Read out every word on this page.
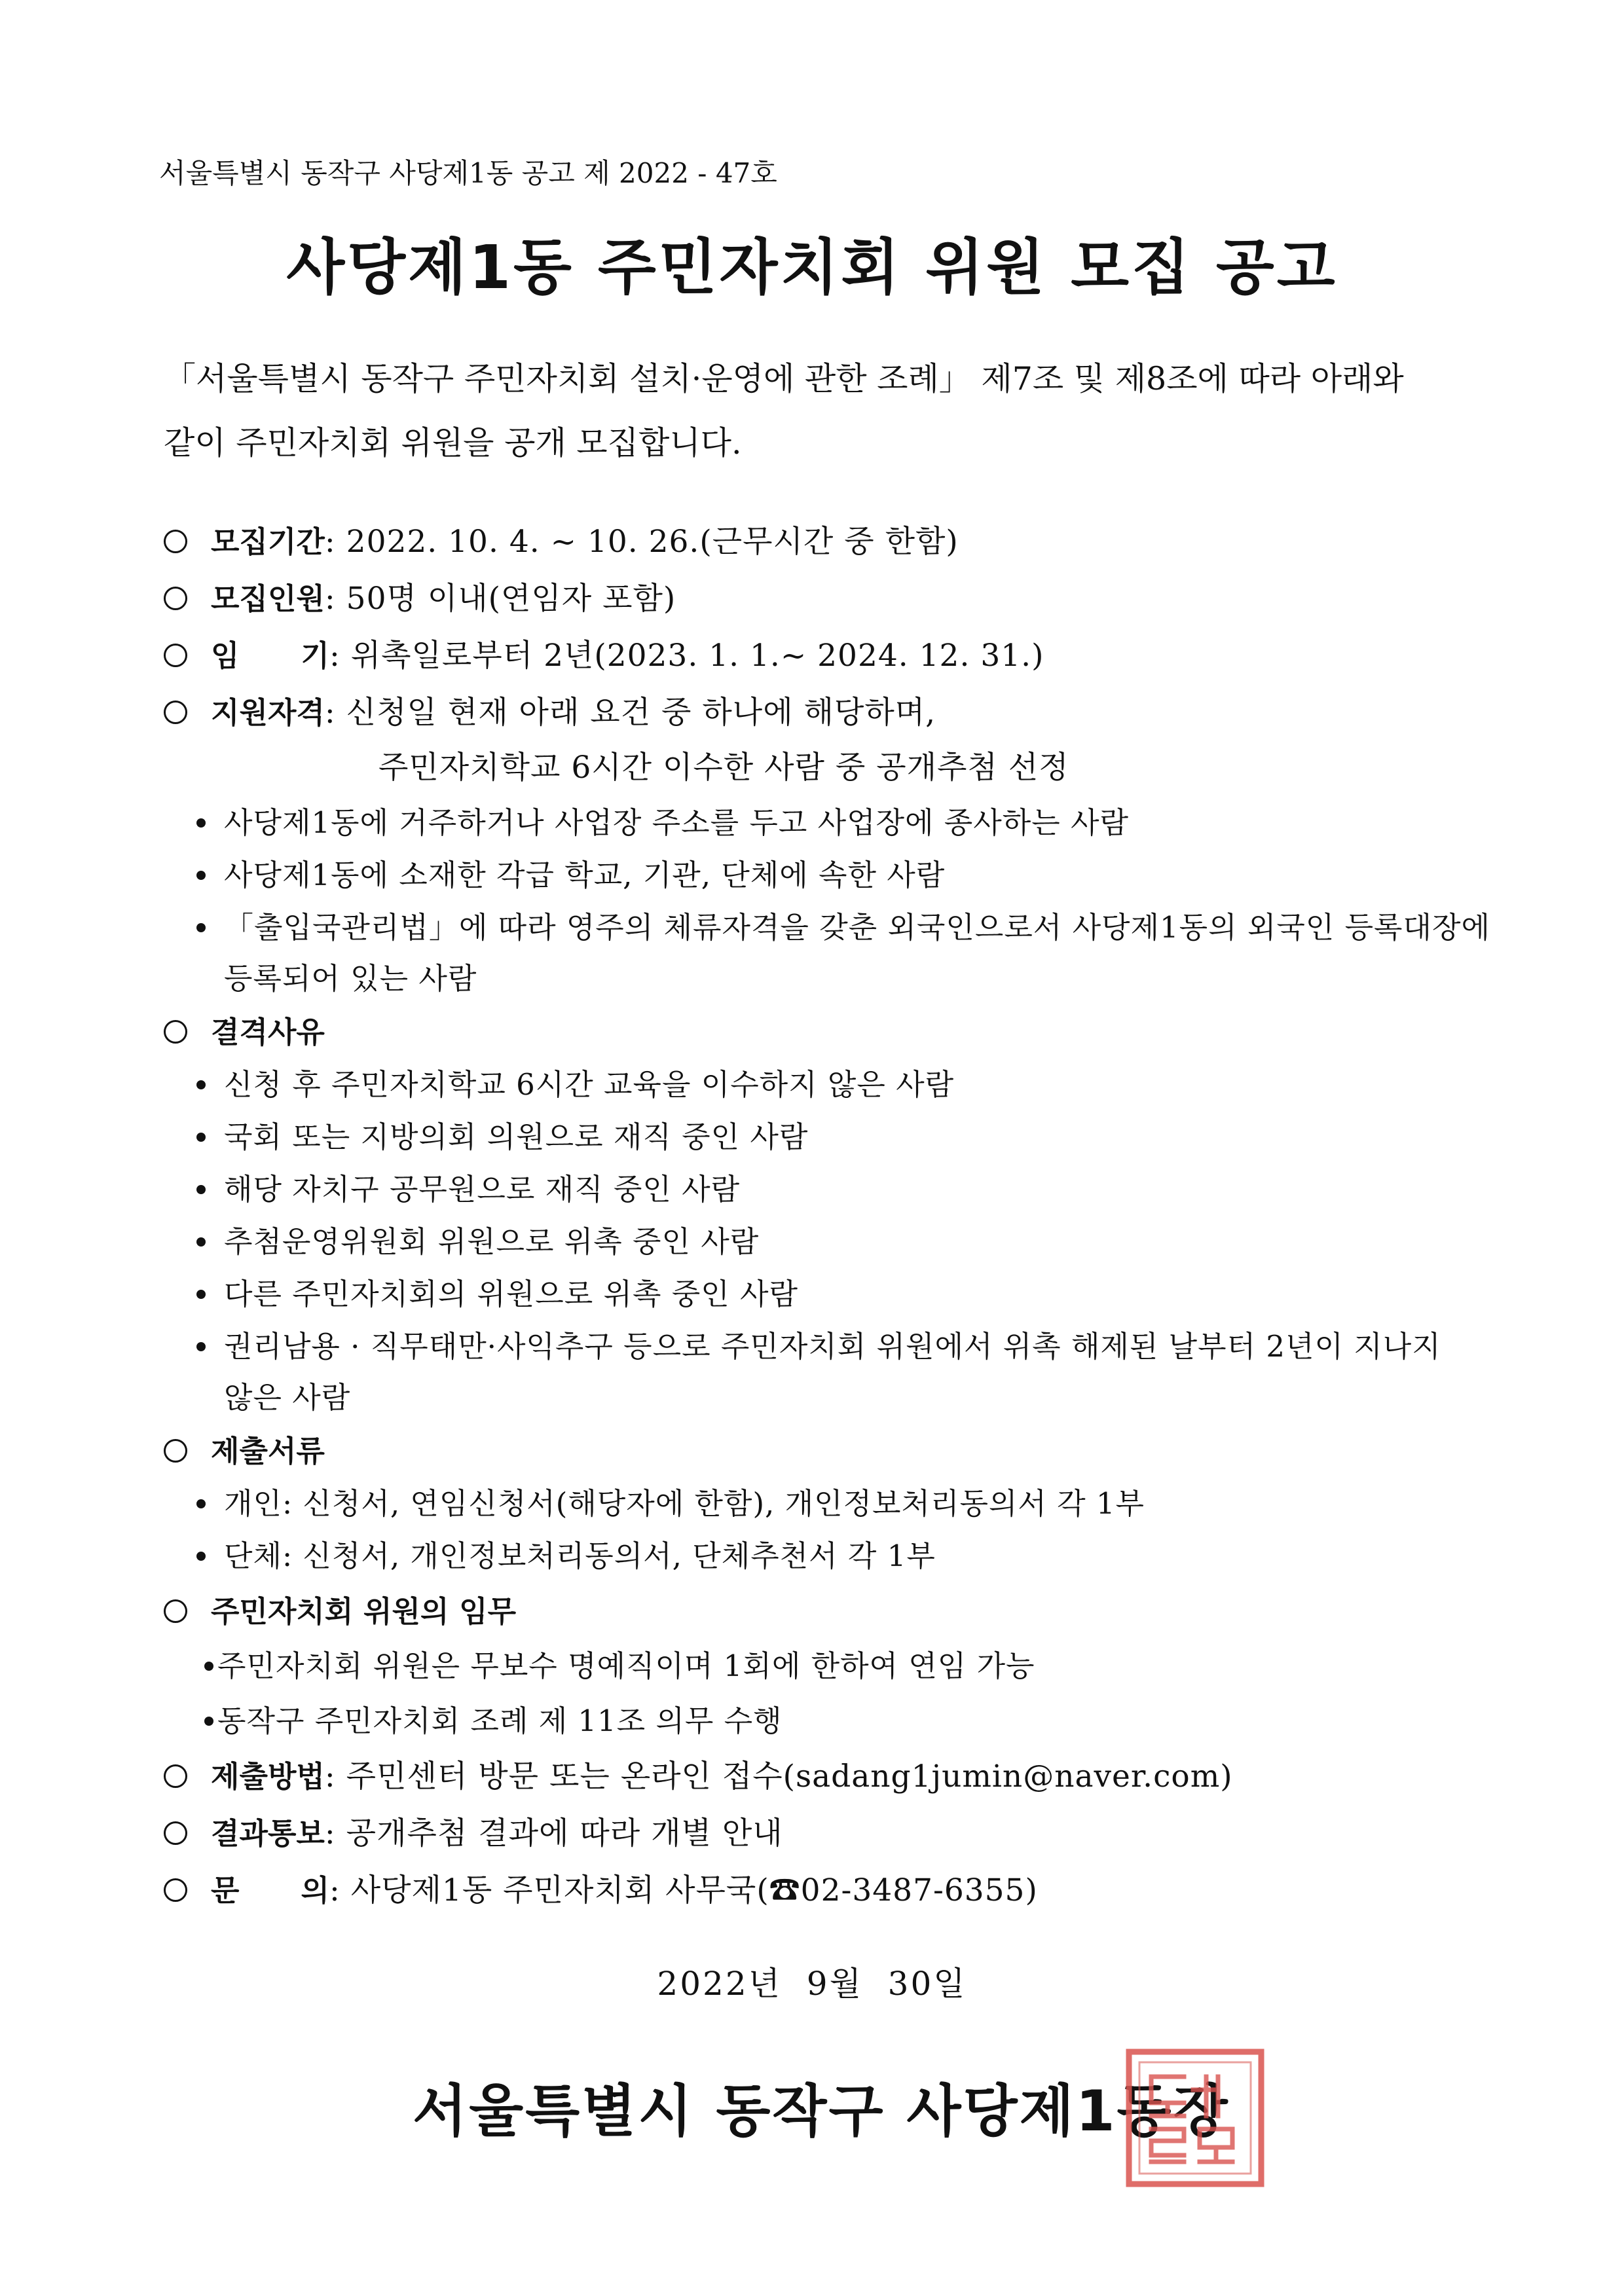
서울특별시 동작구 사당제1동 공고 제 2022 - 47호
사당제1동 주민자치회 위원 모집 공고
「서울특별시 동작구 주민자치회 설치·운영에 관한 조례」 제7조 및 제8조에 따라 아래와
같이 주민자치회 위원을 공개 모집합니다.
모집기간 : 2022. 10. 4. ~ 10. 26.(근무시간 중 한함)
모집인원 : 50명 이내(연임자 포함)
임      기 : 위촉일로부터 2년(2023. 1. 1.~ 2024. 12. 31.)
지원자격 : 신청일 현재 아래 요건 중 하나에 해당하며,
주민자치학교 6시간 이수한 사람 중 공개추첨 선정
사당제1동에 거주하거나 사업장 주소를 두고 사업장에 종사하는 사람
사당제1동에 소재한 각급 학교, 기관, 단체에 속한 사람
「출입국관리법」에 따라 영주의 체류자격을 갖춘 외국인으로서 사당제1동의 외국인 등록대장에
등록되어 있는 사람
결격사유
신청 후 주민자치학교 6시간 교육을 이수하지 않은 사람
국회 또는 지방의회 의원으로 재직 중인 사람
해당 자치구 공무원으로 재직 중인 사람
추첨운영위원회 위원으로 위촉 중인 사람
다른 주민자치회의 위원으로 위촉 중인 사람
권리남용 · 직무태만·사익추구 등으로 주민자치회 위원에서 위촉 해제된 날부터 2년이 지나지
않은 사람
제출서류
개인: 신청서, 연임신청서(해당자에 한함), 개인정보처리동의서 각 1부
단체: 신청서, 개인정보처리동의서, 단체추천서 각 1부
주민자치회 위원의 임무
주민자치회 위원은 무보수 명예직이며 1회에 한하여 연임 가능
동작구 주민자치회 조례 제 11조 의무 수행
제출방법 : 주민센터 방문 또는 온라인 접수(sadang1jumin@naver.com)
결과통보 : 공개추첨 결과에 따라 개별 안내
문      의 : 사당제1동 주민자치회 사무국(☎02-3487-6355)
2022년  9월  30일
서울특별시 동작구 사당제1동장
